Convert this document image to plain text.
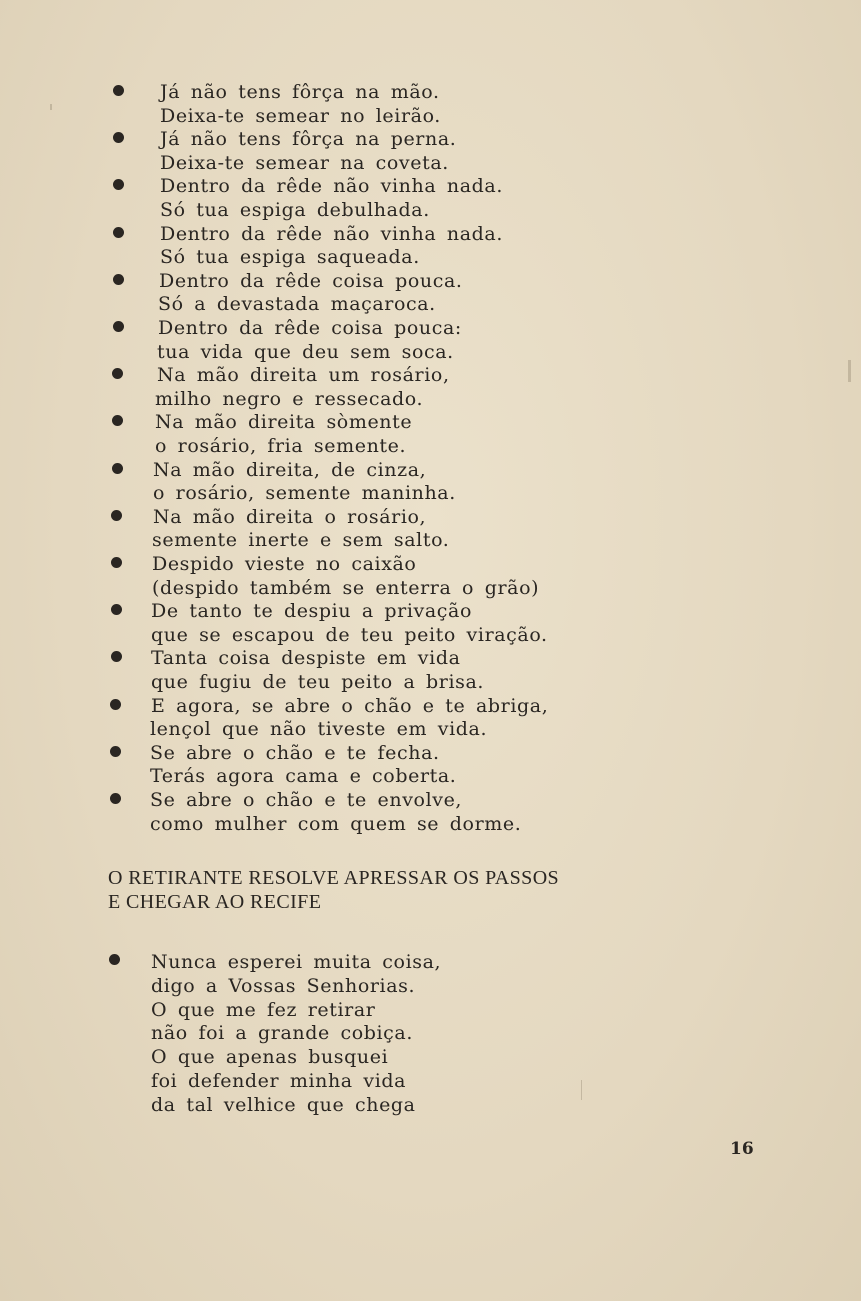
Já não tens fôrça na mão.
Deixa-te semear no leirão.
Já não tens fôrça na perna.
Deixa-te semear na coveta.
Dentro da rêde não vinha nada.
Só tua espiga debulhada.
Dentro da rêde não vinha nada.
Só tua espiga saqueada.
Dentro da rêde coisa pouca.
Só a devastada maçaroca.
Dentro da rêde coisa pouca:
tua vida que deu sem soca.
Na mão direita um rosário,
milho negro e ressecado.
Na mão direita sòmente
o rosário, fria semente.
Na mão direita, de cinza,
o rosário, semente maninha.
Na mão direita o rosário,
semente inerte e sem salto.
Despido vieste no caixão
(despido também se enterra o grão)
De tanto te despiu a privação
que se escapou de teu peito viração.
Tanta coisa despiste em vida
que fugiu de teu peito a brisa.
E agora, se abre o chão e te abriga,
lençol que não tiveste em vida.
Se abre o chão e te fecha.
Terás agora cama e coberta.
Se abre o chão e te envolve,
como mulher com quem se dorme.
O RETIRANTE RESOLVE APRESSAR OS PASSOS
E CHEGAR AO RECIFE
Nunca esperei muita coisa,
digo a Vossas Senhorias.
O que me fez retirar
não foi a grande cobiça.
O que apenas busquei
foi defender minha vida
da tal velhice que chega
16
